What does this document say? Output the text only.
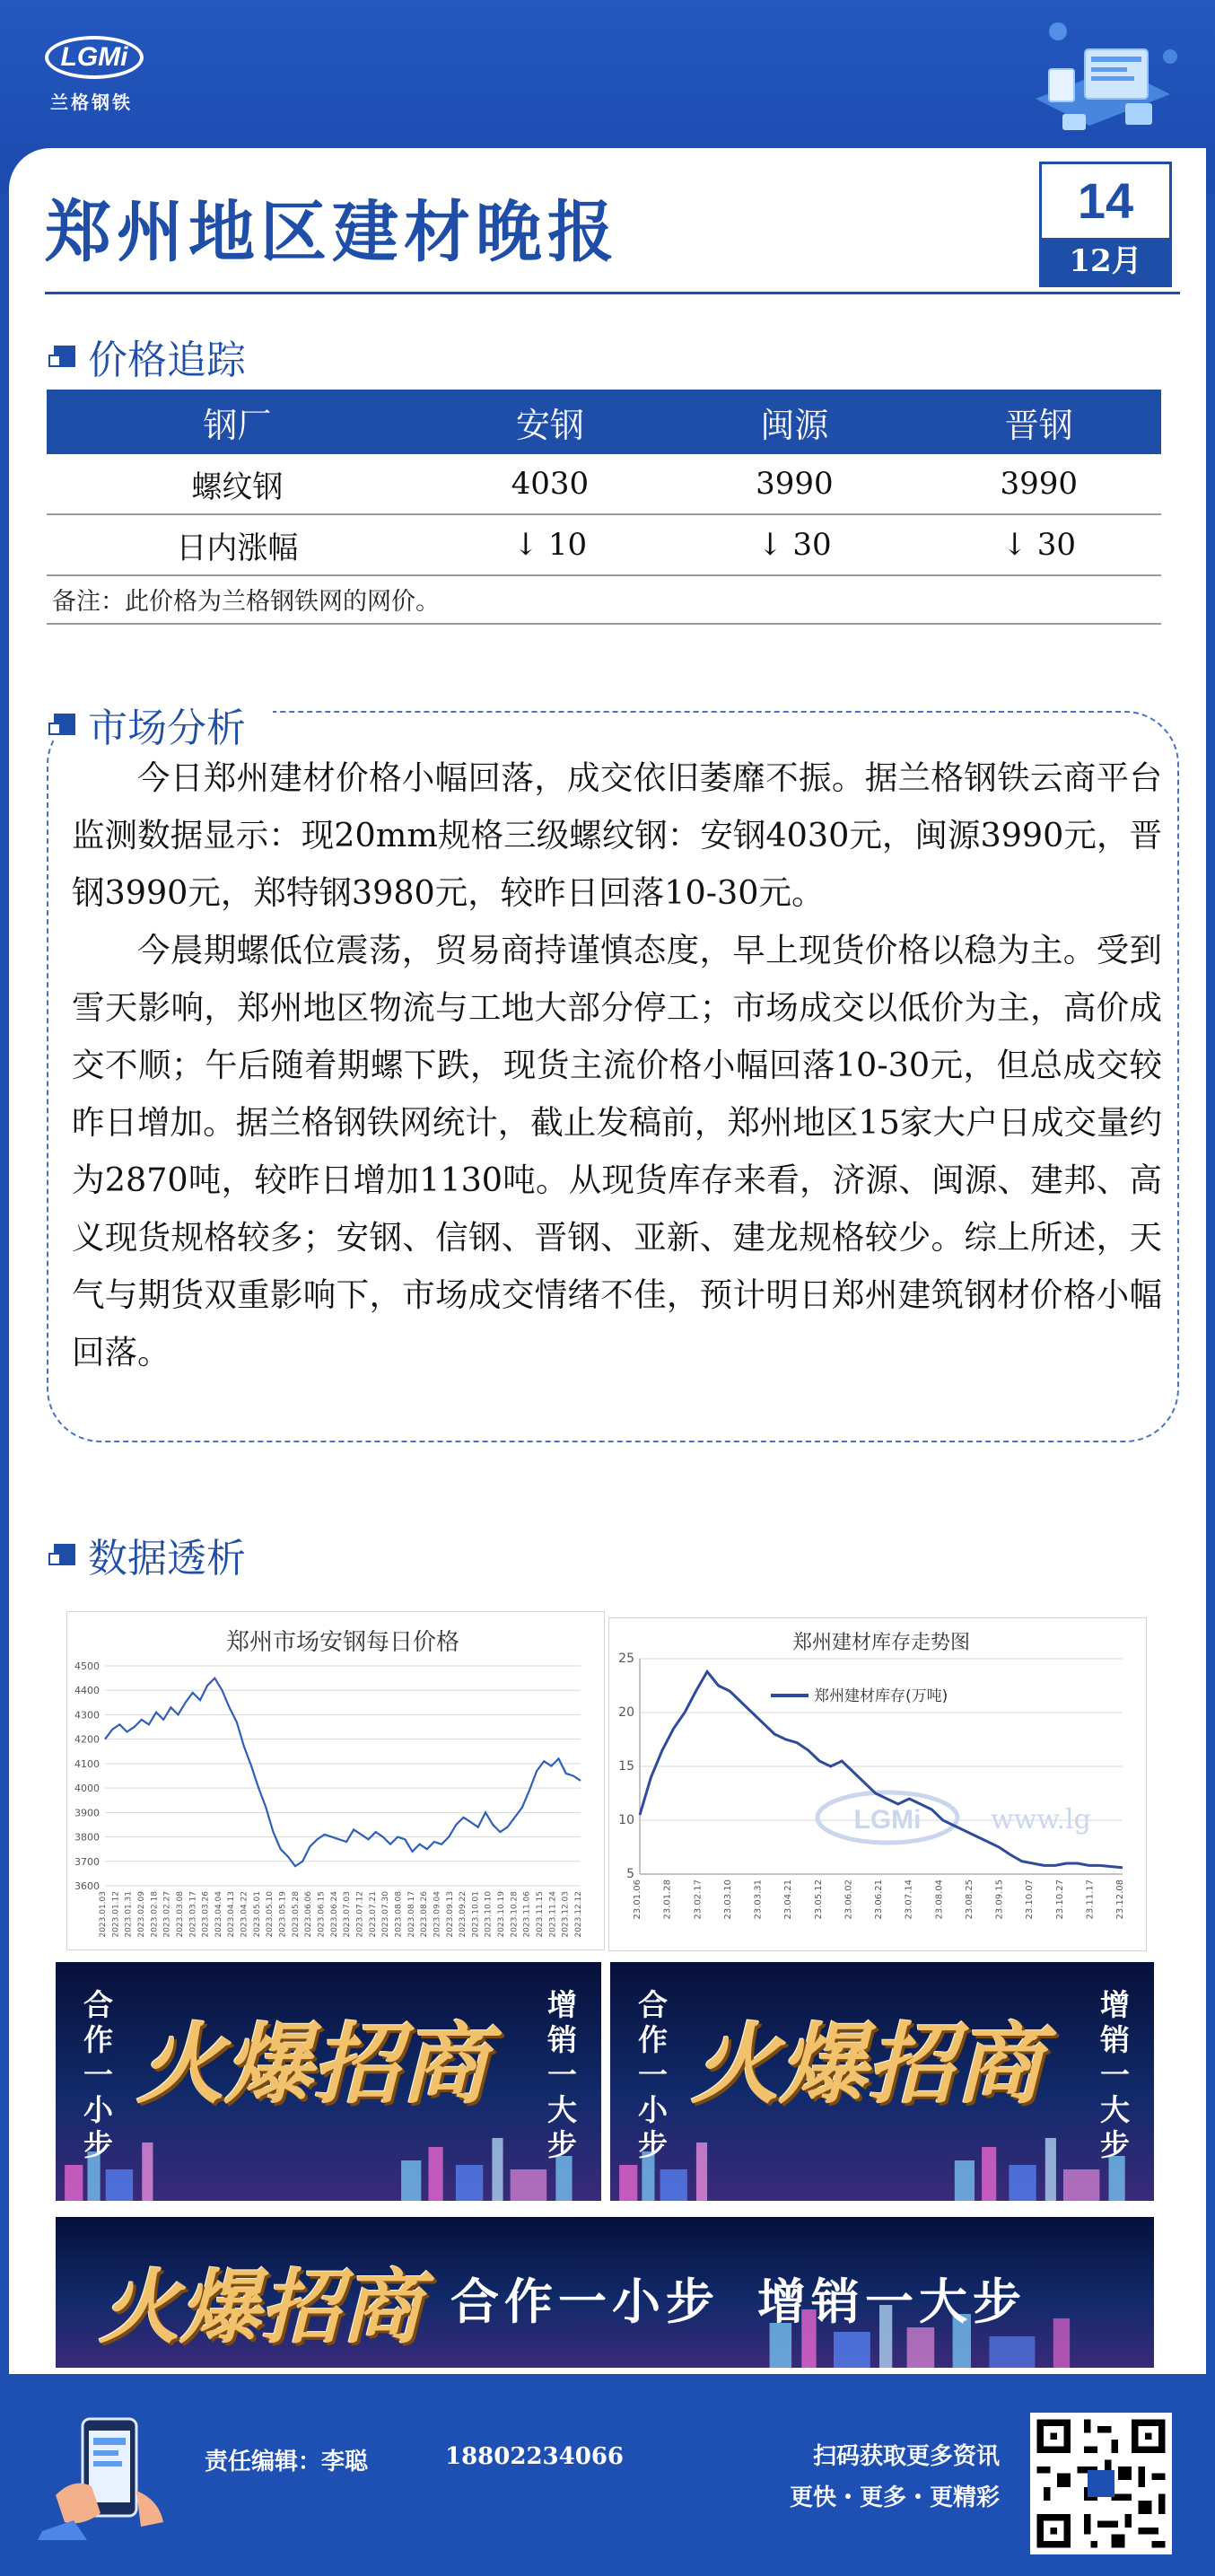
LGMi
兰格钢铁
郑州地区建材晚报	14
12月
价格追踪
钢厂	安钢	闽源	晋钢
螺纹钢	4030	3990	3990
日内涨幅	↓ 10	↓ 30	↓ 30
备注：此价格为兰格钢铁网的网价。
市场分析

今日郑州建材价格小幅回落，成交依旧萎靡不振。据兰格钢铁云商平台监测数据显示：现20mm规格三级螺纹钢：安钢4030元，闽源3990元，晋钢3990元，郑特钢3980元，较昨日回落10-30元。

今晨期螺低位震荡，贸易商持谨慎态度，早上现货价格以稳为主。受到雪天影响，郑州地区物流与工地大部分停工；市场成交以低价为主，高价成交不顺；午后随着期螺下跌，现货主流价格小幅回落10-30元，但总成交较昨日增加。据兰格钢铁网统计，截止发稿前，郑州地区15家大户日成交量约为2870吨，较昨日增加1130吨。从现货库存来看，济源、闽源、建邦、高义现货规格较多；安钢、信钢、晋钢、亚新、建龙规格较少。综上所述，天气与期货双重影响下，市场成交情绪不佳，预计明日郑州建筑钢材价格小幅回落。

数据透析
郑州市场安钢每日价格
4500
4400
4300
4200
4100
4000
3900
3800
3700
3600
2023.01.03 2023.01.12 2023.01.31 2023.02.09 2023.02.18 2023.02.27 2023.03.08 2023.03.17 2023.03.26 2023.04.04 2023.04.13 2023.04.22 2023.05.01 2023.05.10 2023.05.19 2023.05.28 2023.06.06 2023.06.15 2023.06.24 2023.07.03 2023.07.12 2023.07.21 2023.07.30 2023.08.08 2023.08.17 2023.08.26 2023.09.04 2023.09.13 2023.09.22 2023.10.01 2023.10.10 2023.10.19 2023.10.28 2023.11.06 2023.11.15 2023.11.24 2023.12.03 2023.12.12
LGMi	www.lg
郑州建材库存走势图
25
20
15
10
5
23.01.06 23.01.28 23.02.17 23.03.10 23.03.31 23.04.21 23.05.12 23.06.02 23.06.21 23.07.14 23.08.04 23.08.25 23.09.15 23.10.07 23.10.27 23.11.17 23.12.08
郑州建材库存(万吨)
合作一小步 火爆招商 增销一大步 合作一小步 火爆招商 增销一大步
火爆招商 合作一小步  增销一大步
责任编辑：李聪	18802234066	扫码获取更多资讯
更快・更多・更精彩
